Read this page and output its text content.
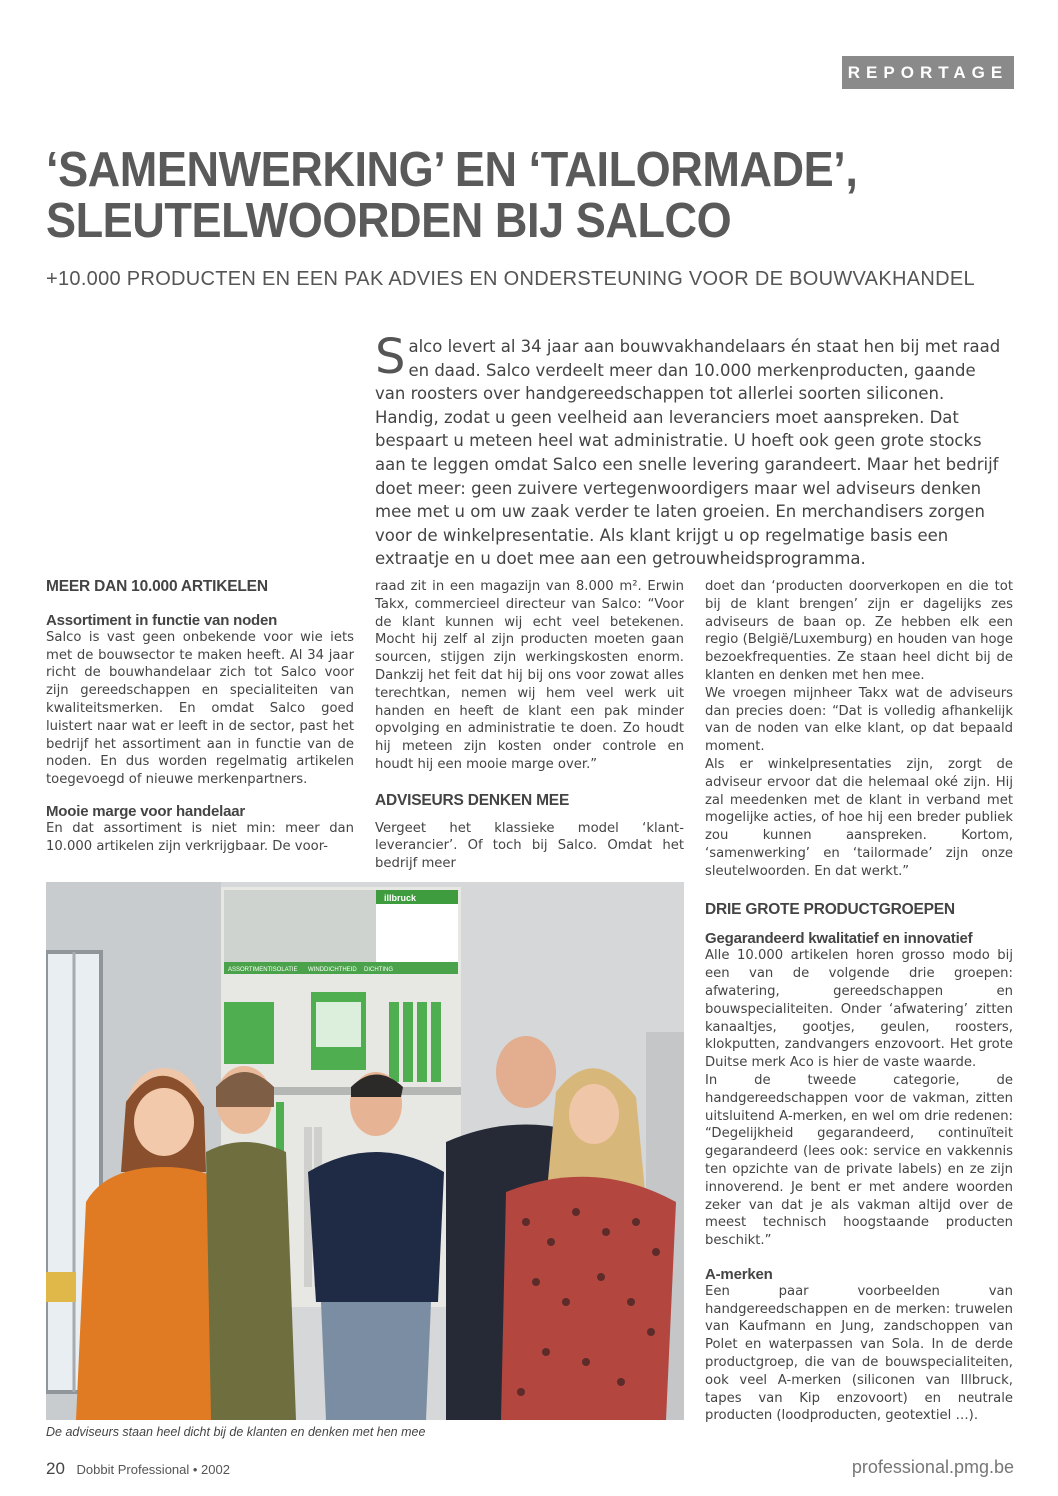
REPORTAGE
‘SAMENWERKING’ EN ‘TAILORMADE’,
SLEUTELWOORDEN BIJ SALCO
+10.000 PRODUCTEN EN EEN PAK ADVIES EN ONDERSTEUNING VOOR DE BOUWVAKHANDEL
Salco levert al 34 jaar aan bouwvakhandelaars én staat hen bij met raad en daad. Salco verdeelt meer dan 10.000 merkenproducten, gaande van roosters over handgereedschappen tot allerlei soorten siliconen. Handig, zodat u geen veelheid aan leveranciers moet aanspreken. Dat bespaart u meteen heel wat administratie. U hoeft ook geen grote stocks aan te leggen omdat Salco een snelle levering garandeert. Maar het bedrijf doet meer: geen zuivere vertegenwoordigers maar wel adviseurs denken mee met u om uw zaak verder te laten groeien. En merchandisers zorgen voor de winkelpresentatie. Als klant krijgt u op regelmatige basis een extraatje en u doet mee aan een getrouwheidsprogramma.

MEER DAN 10.000 ARTIKELEN

Assortiment in functie van noden

Salco is vast geen onbekende voor wie iets met de bouwsector te maken heeft. Al 34 jaar richt de bouwhandelaar zich tot Salco voor zijn gereedschappen en specialiteiten van kwaliteitsmerken. En omdat Salco goed luistert naar wat er leeft in de sector, past het bedrijf het assortiment aan in functie van de noden. En dus worden regelmatig artikelen toegevoegd of nieuwe merkenpartners.

Mooie marge voor handelaar

En dat assortiment is niet min: meer dan 10.000 artikelen zijn verkrijgbaar. De voor-

raad zit in een magazijn van 8.000 m². Erwin Takx, commercieel directeur van Salco: “Voor de klant kunnen wij echt veel betekenen. Mocht hij zelf al zijn producten moeten gaan sourcen, stijgen zijn werkingskosten enorm. Dankzij het feit dat hij bij ons voor zowat alles terechtkan, nemen wij hem veel werk uit handen en heeft de klant een pak minder opvolging en administratie te doen. Zo houdt hij meteen zijn kosten onder controle en houdt hij een mooie marge over.”

ADVISEURS DENKEN MEE

Vergeet het klassieke model ‘klant-leverancier’. Of toch bij Salco. Omdat het bedrijf meer

doet dan ‘producten doorverkopen en die tot bij de klant brengen’ zijn er dagelijks zes adviseurs de baan op. Ze hebben elk een regio (België/Luxemburg) en houden van hoge bezoekfrequenties. Ze staan heel dicht bij de klanten en denken met hen mee.

We vroegen mijnheer Takx wat de adviseurs dan precies doen: “Dat is volledig afhankelijk van de noden van elke klant, op dat bepaald moment.

Als er winkelpresentaties zijn, zorgt de adviseur ervoor dat die helemaal oké zijn. Hij zal meedenken met de klant in verband met mogelijke acties, of hoe hij een breder publiek zou kunnen aanspreken. Kortom, ‘samenwerking’ en ‘tailormade’ zijn onze sleutelwoorden. En dat werkt.”

DRIE GROTE PRODUCTGROEPEN

Gegarandeerd kwalitatief en innovatief

Alle 10.000 artikelen horen grosso modo bij een van de volgende drie groepen: afwatering, gereedschappen en bouwspecialiteiten. Onder ‘afwatering’ zitten kanaaltjes, gootjes, geulen, roosters, klokputten, zandvangers enzovoort. Het grote Duitse merk Aco is hier de vaste waarde.

In de tweede categorie, de handgereedschappen voor de vakman, zitten uitsluitend A-merken, en wel om drie redenen: “Degelijkheid gegarandeerd, continuïteit gegarandeerd (lees ook: service en vakkennis ten opzichte van de private labels) en ze zijn innoverend. Je bent er met andere woorden zeker van dat je als vakman altijd over de meest technisch hoogstaande producten beschikt.”

A-merken

Een paar voorbeelden van handgereedschappen en de merken: truwelen van Kaufmann en Jung, zandschoppen van Polet en waterpassen van Sola. In de derde productgroep, die van de bouwspecialiteiten, ook veel A-merken (siliconen van Illbruck, tapes van Kip enzovoort) en neutrale producten (loodproducten, geotextiel …).

illbruck
ASSORTIMENT ISOLATIE WINDDICHTHEID DICHTING
De adviseurs staan heel dicht bij de klanten en denken met hen mee
20 Dobbit Professional • 2002	professional.pmg.be
